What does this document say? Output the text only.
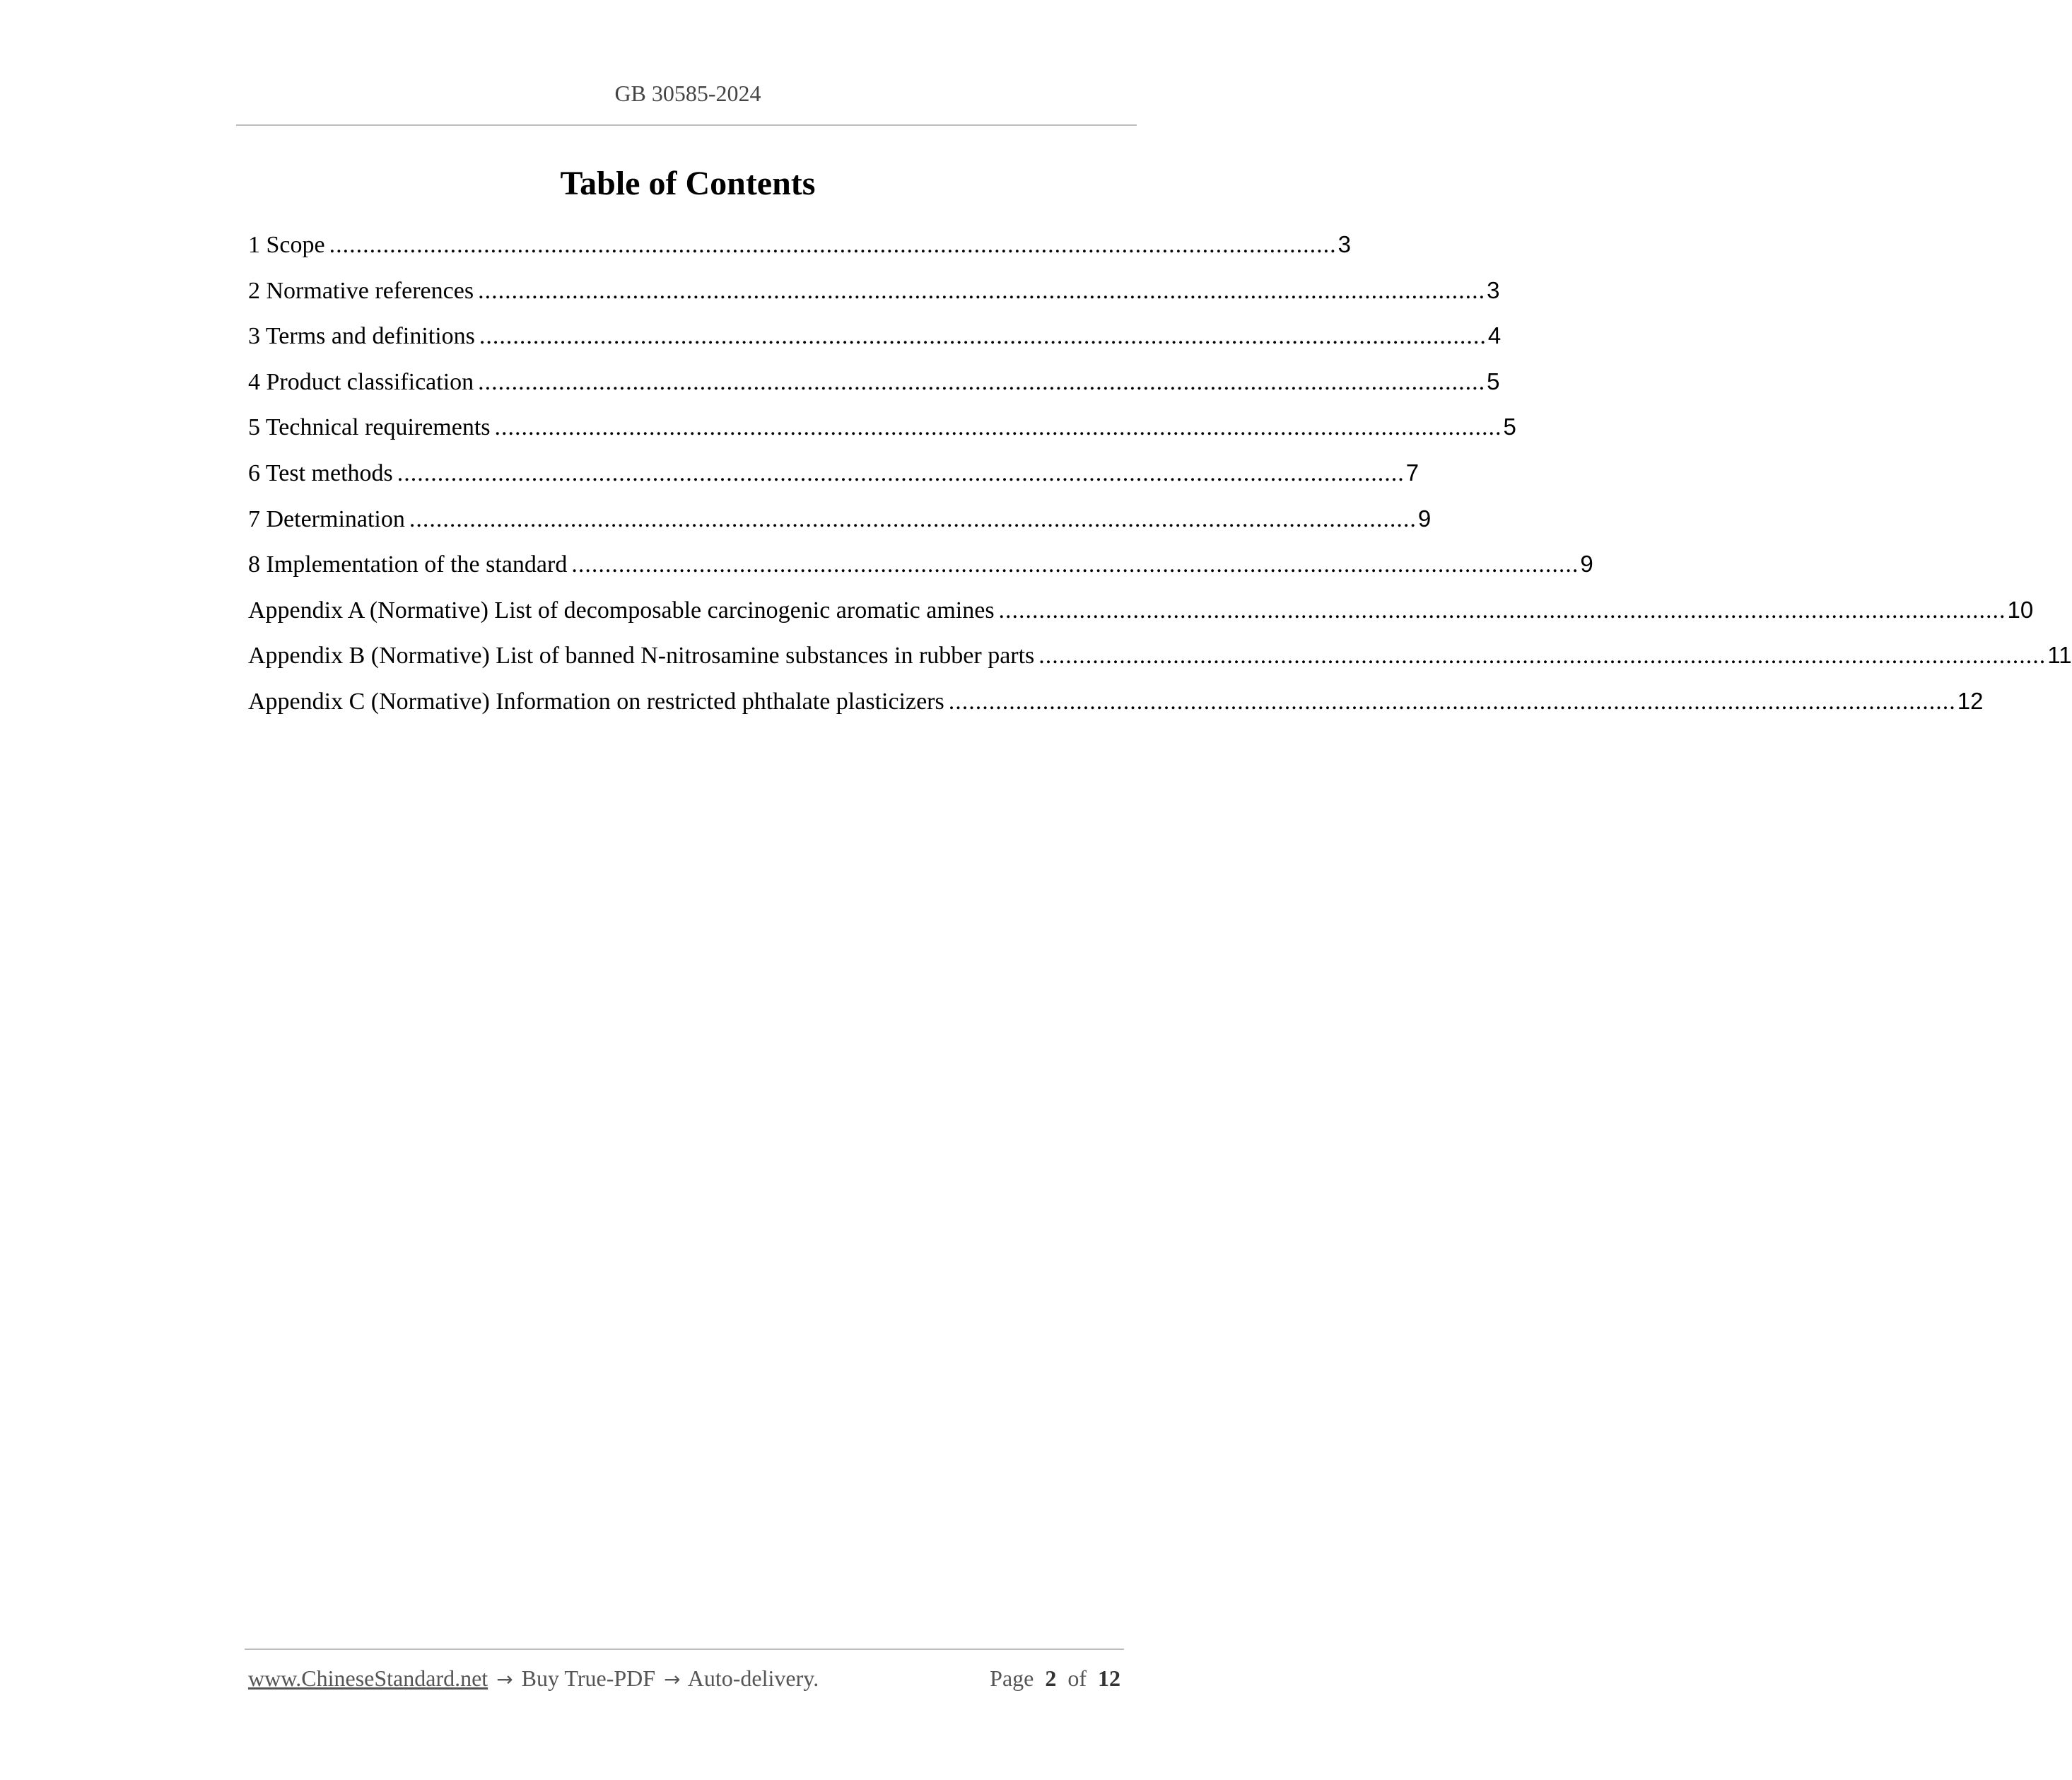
GB 30585-2024
Table of Contents
1 Scope ...................................................................................................................................................... 3
2 Normative references ...................................................................................................................................................... 3
3 Terms and definitions ...................................................................................................................................................... 4
4 Product classification ...................................................................................................................................................... 5
5 Technical requirements ...................................................................................................................................................... 5
6 Test methods ...................................................................................................................................................... 7
7 Determination ...................................................................................................................................................... 9
8 Implementation of the standard ...................................................................................................................................................... 9
Appendix A (Normative) List of decomposable carcinogenic aromatic amines ...................................................................................................................................................... 10
Appendix B (Normative) List of banned N-nitrosamine substances in rubber parts ...................................................................................................................................................... 11
Appendix C (Normative) Information on restricted phthalate plasticizers ...................................................................................................................................................... 12
www.ChineseStandard.net → Buy True-PDF → Auto-delivery.	Page 2 of 12
